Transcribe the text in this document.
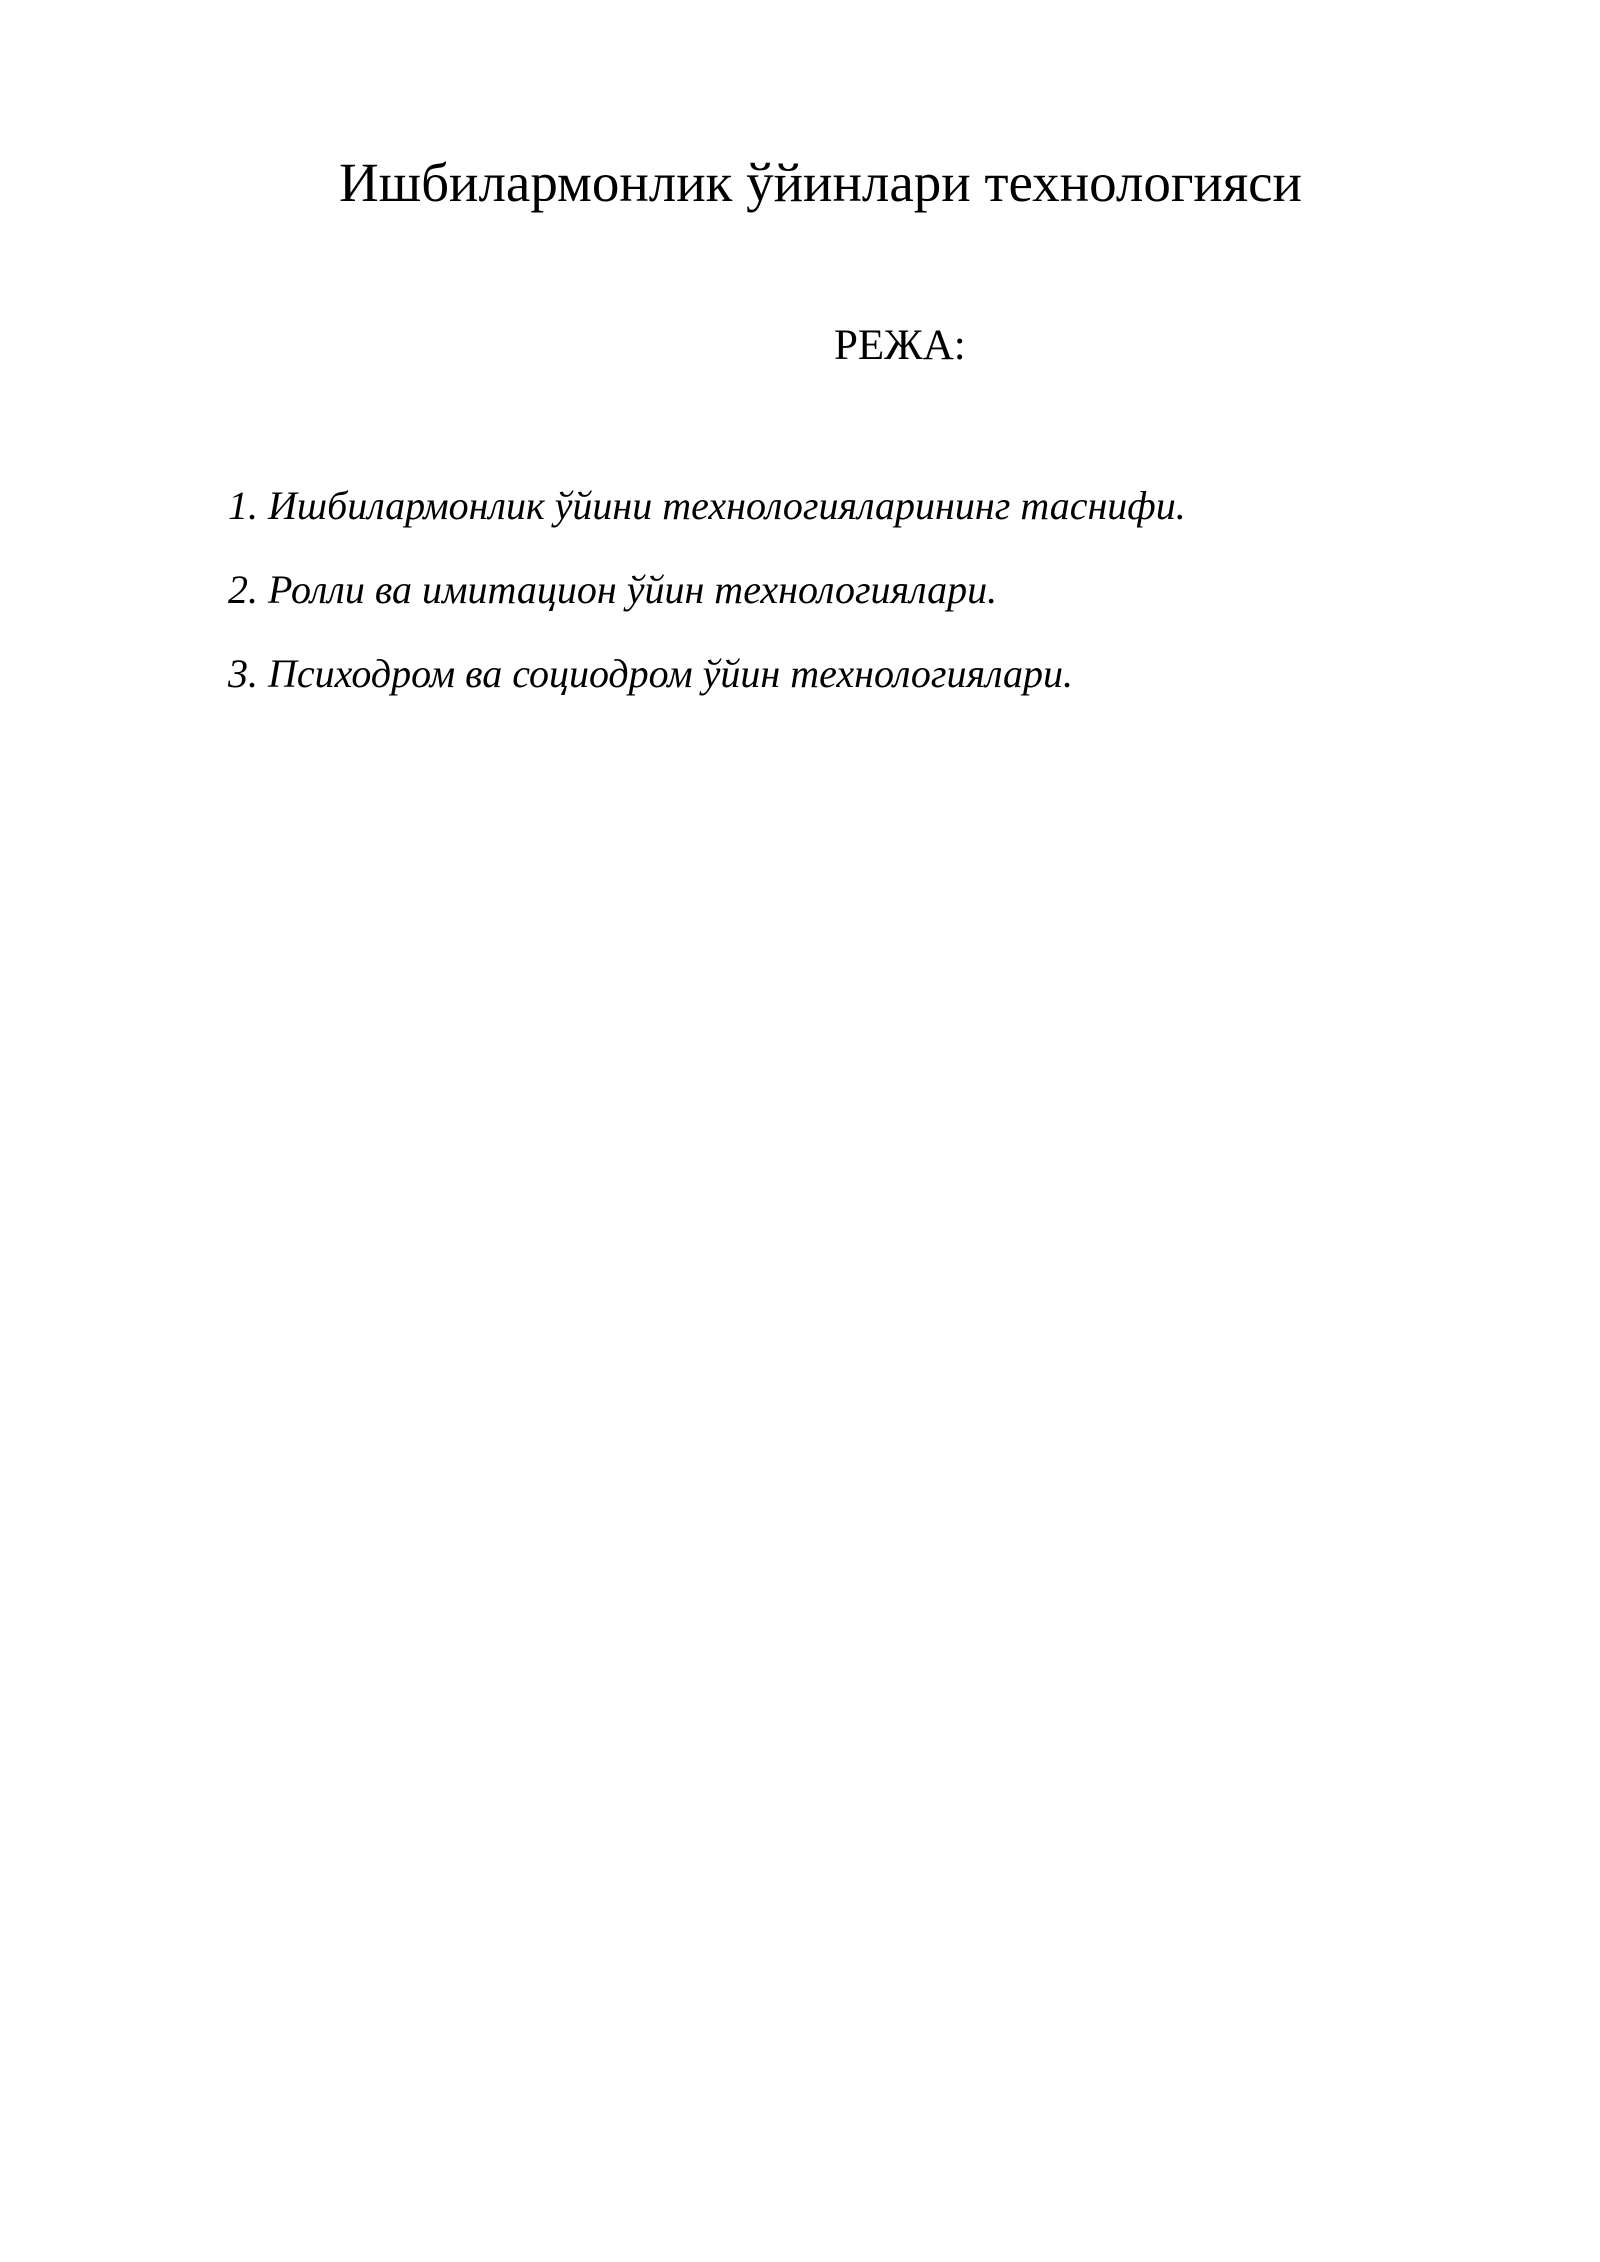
Ишбилармонлик ўйинлари технологияси
РЕЖА:
1. Ишбилармонлик ўйини технологияларининг таснифи.
2. Ролли ва имитацион ўйин технологиялари.
3. Психодром ва социодром ўйин технологиялари.
